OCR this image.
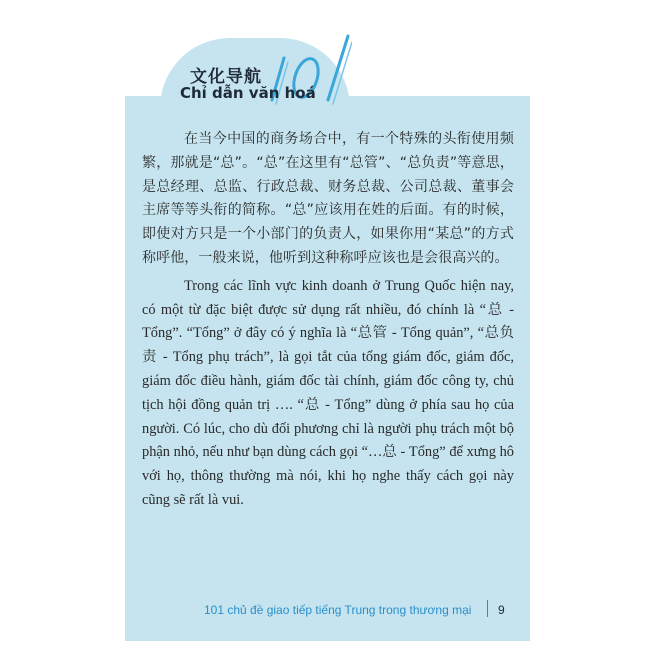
文化导航
Chỉ dẫn văn hoá

在当今中国的商务场合中，有一个特殊的头衔使用频繁，那就是“总”。“总”在这里有“总管”、“总负责”等意思，是总经理、总监、行政总裁、财务总裁、公司总裁、董事会主席等等头衔的简称。“总”应该用在姓的后面。有的时候，即使对方只是一个小部门的负责人，如果你用“某总”的方式称呼他，一般来说，他听到这种称呼应该也是会很高兴的。

Trong các lĩnh vực kinh doanh ở Trung Quốc hiện nay, có một từ đặc biệt được sử dụng rất nhiều, đó chính là “总 - Tổng”. “Tổng” ở đây có ý nghĩa là “总管 - Tổng quản”, “总负责 - Tổng phụ trách”, là gọi tắt của tổng giám đốc, giám đốc, giám đốc điều hành, giám đốc tài chính, giám đốc công ty, chủ tịch hội đồng quản trị …. “总 - Tổng” dùng ở phía sau họ của người. Có lúc, cho dù đối phương chỉ là người phụ trách một bộ phận nhỏ, nếu như bạn dùng cách gọi “…总 - Tổng” để xưng hô với họ, thông thường mà nói, khi họ nghe thấy cách gọi này cũng sẽ rất là vui.

101 chủ đề giao tiếp tiếng Trung trong thương mại 9
